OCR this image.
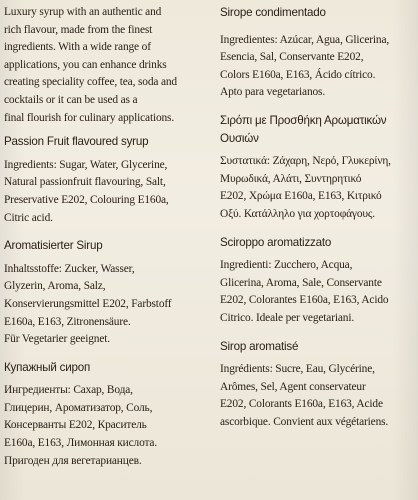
Luxury syrup with an authentic and
rich flavour, made from the finest
ingredients. With a wide range of
applications, you can enhance drinks
creating speciality coffee, tea, soda and
cocktails or it can be used as a
final flourish for culinary applications.

Passion Fruit flavoured syrup

Ingredients: Sugar, Water, Glycerine,
Natural passionfruit flavouring, Salt,
Preservative E202, Colouring E160a,
Citric acid.

Aromatisierter Sirup

Inhaltsstoffe: Zucker, Wasser,
Glyzerin, Aroma, Salz,
Konservierungsmittel E202, Farbstoff
E160a, E163, Zitronensäure.
Für Vegetarier geeignet.

Купажный сироп

Ингредиенты: Сахар, Вода,
Глицерин, Ароматизатор, Соль,
Консерванты E202, Краситель
E160a, E163, Лимонная кислота.
Пригоден для вегетарианцев.

Sirope condimentado

Ingredientes: Azúcar, Agua, Glicerina,
Esencia, Sal, Conservante E202,
Colors E160a, E163, Ácido cítrico.
Apto para vegetarianos.

Σιρόπι με Προσθήκη Αρωματικών
Ουσιών

Συστατικά: Ζάχαρη, Νερό, Γλυκερίνη,
Μυρωδικά, Αλάτι, Συντηρητικό
E202, Χρώμα E160a, E163, Κιτρικό
Οξύ. Κατάλληλο για χορτοφάγους.

Sciroppo aromatizzato

Ingredienti: Zucchero, Acqua,
Glicerina, Aroma, Sale, Conservante
E202, Colorantes E160a, E163, Acido
Citrico. Ideale per vegetariani.

Sirop aromatisé

Ingrédients: Sucre, Eau, Glycérine,
Arômes, Sel, Agent conservateur
E202, Colorants E160a, E163, Acide
ascorbique. Convient aux végétariens.
